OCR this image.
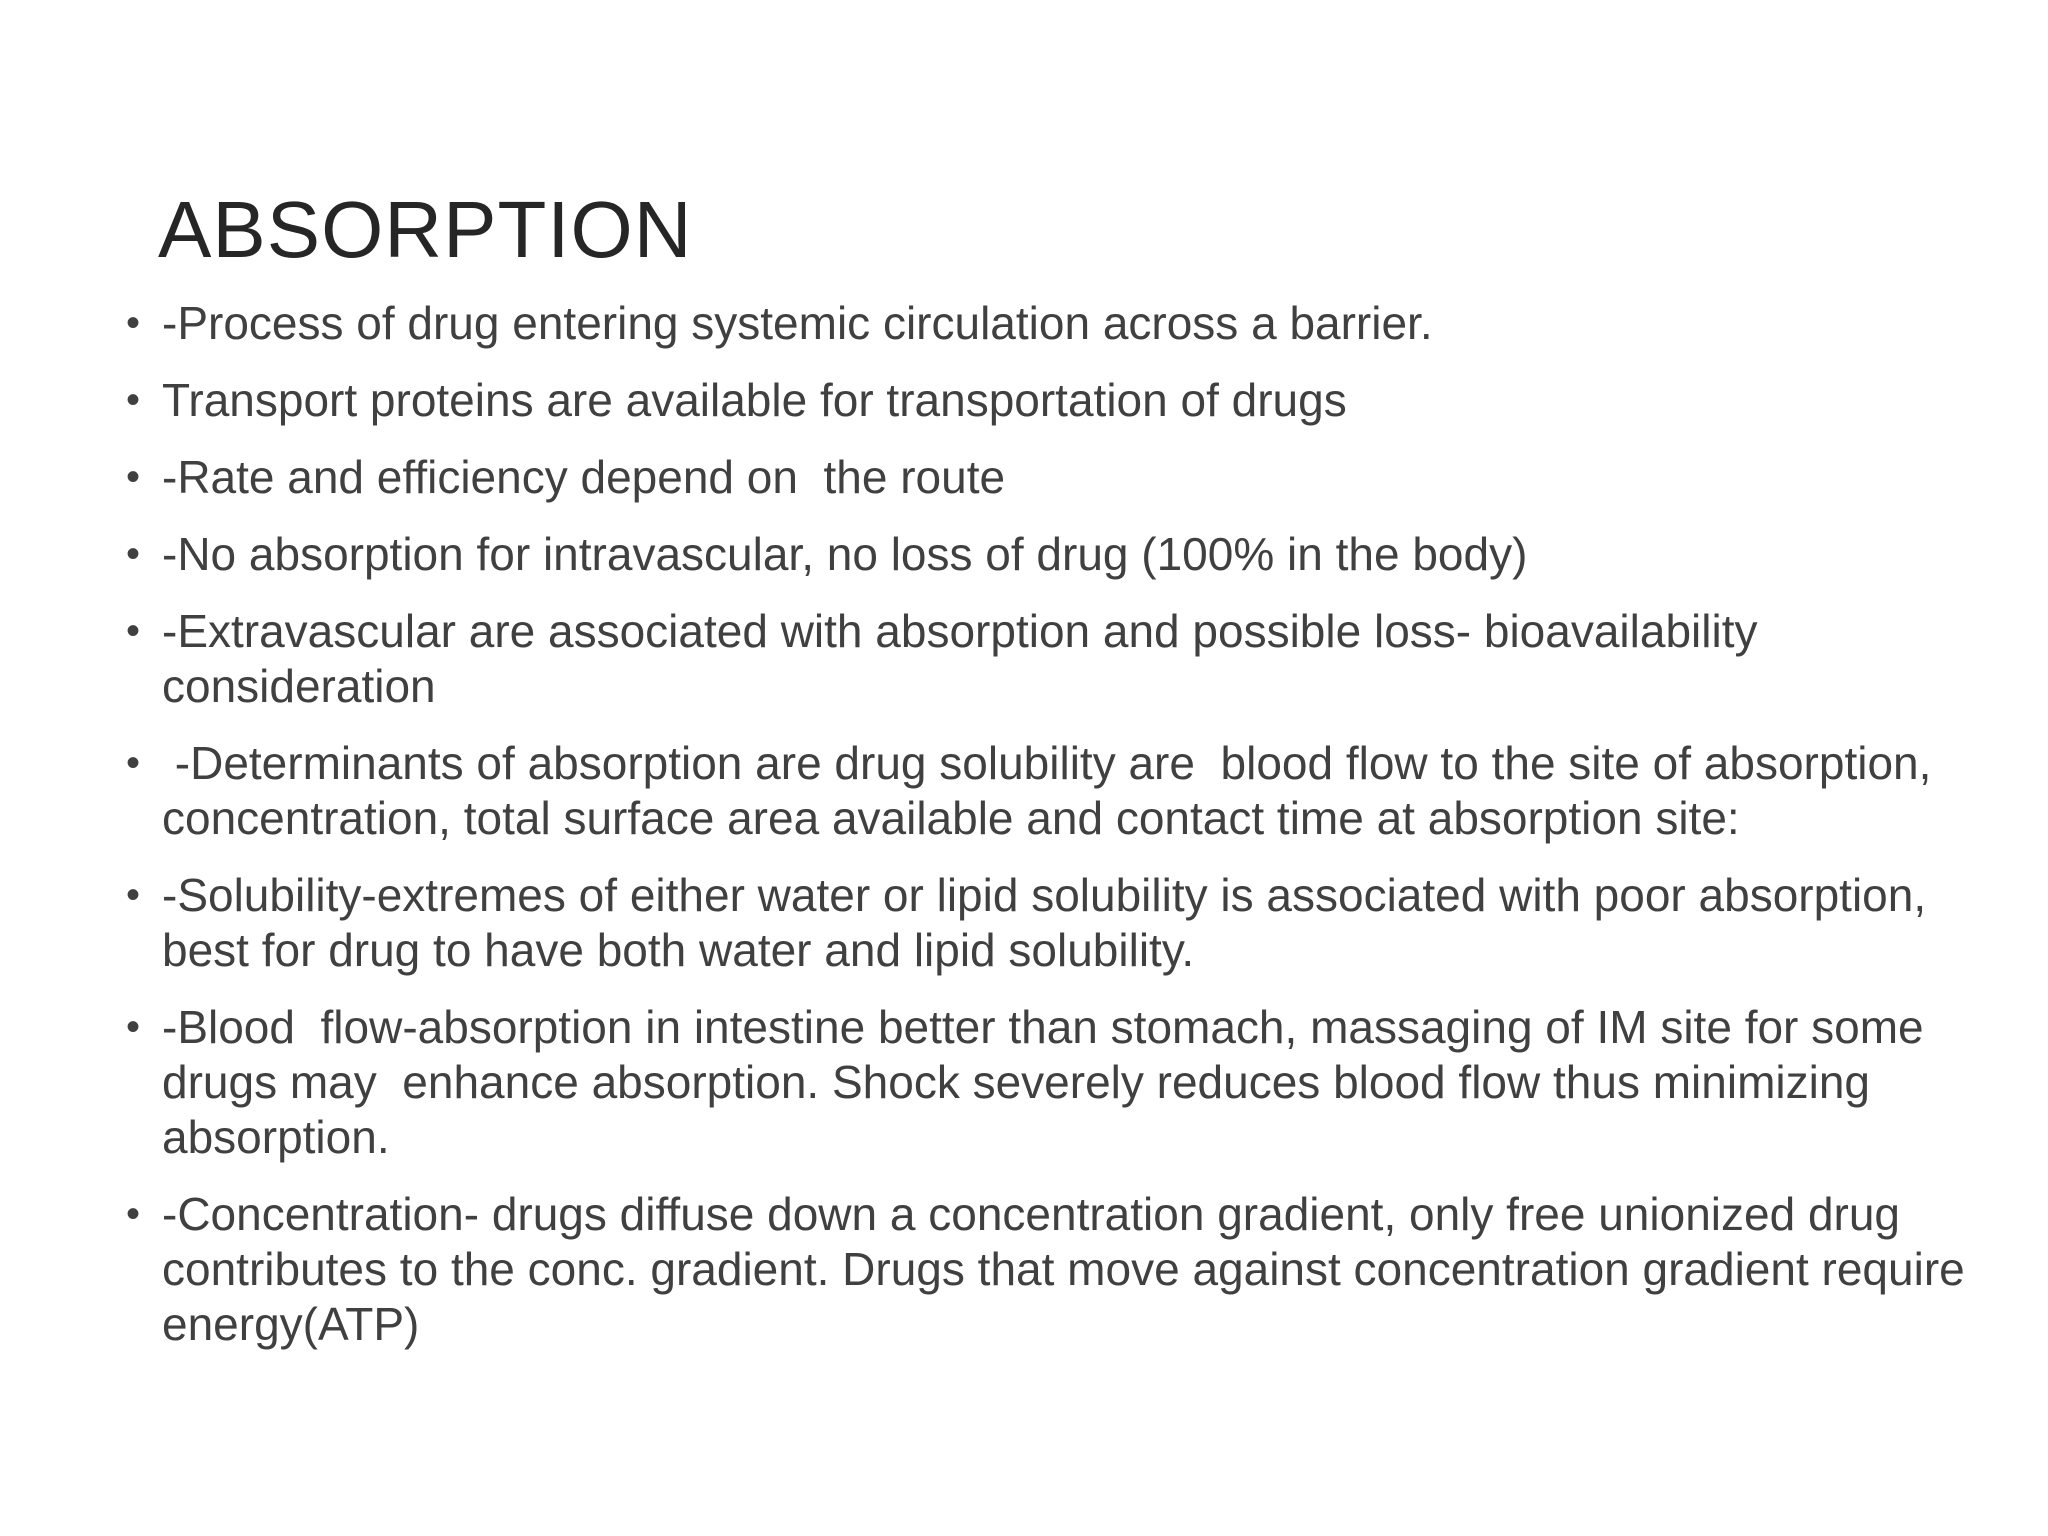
ABSORPTION
• -Process of drug entering systemic circulation across a barrier.
• Transport proteins are available for transportation of drugs
• -Rate and efficiency depend on  the route
• -No absorption for intravascular, no loss of drug (100% in the body)
• -Extravascular are associated with absorption and possible loss- bioavailability consideration
• -Determinants of absorption are drug solubility are  blood flow to the site of absorption,  concentration, total surface area available and contact time at absorption site:
• -Solubility-extremes of either water or lipid solubility is associated with poor absorption, best for drug to have both water and lipid solubility.
• -Blood  flow-absorption in intestine better than stomach, massaging of IM site for some drugs may  enhance absorption. Shock severely reduces blood flow thus minimizing absorption.
• -Concentration- drugs diffuse down a concentration gradient, only free unionized drug  contributes to the conc. gradient. Drugs that move against concentration gradient require energy(ATP)
